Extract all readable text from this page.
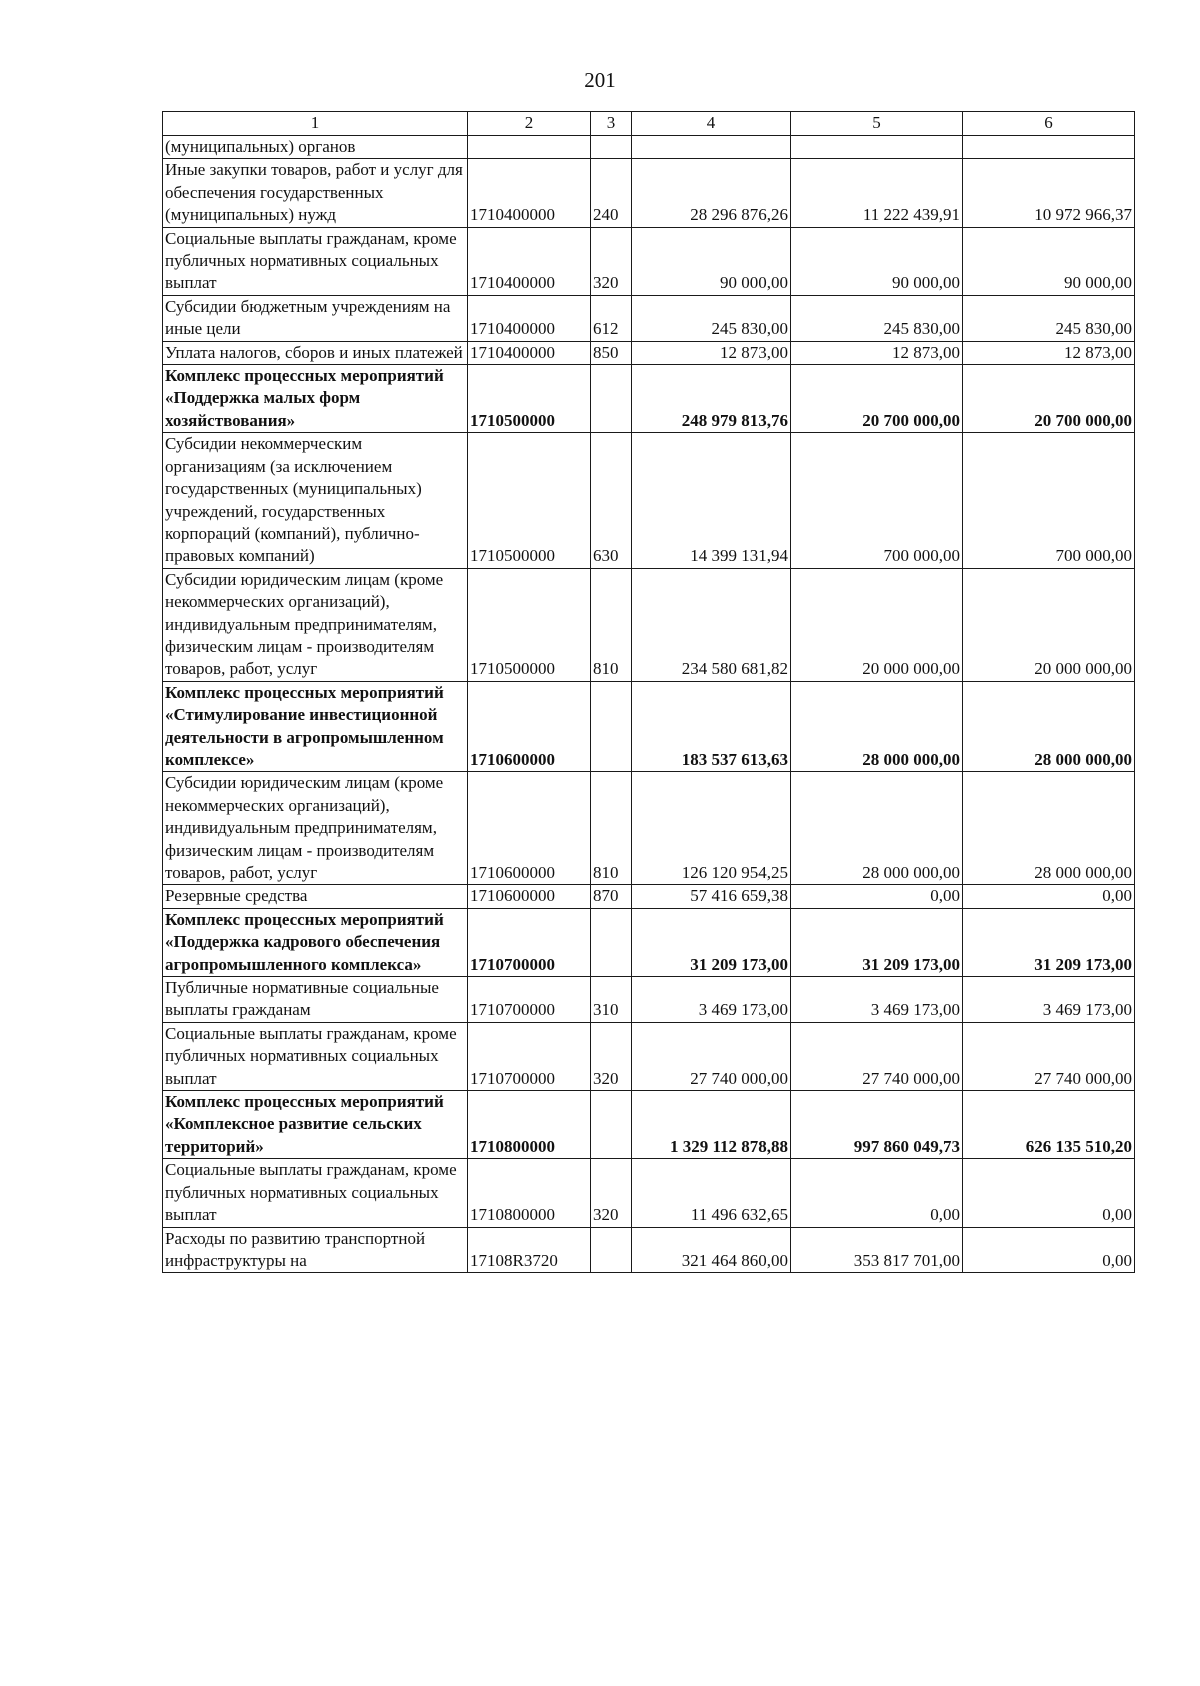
201
1	2	3	4	5	6
(муниципальных) органов					
Иные закупки товаров, работ и услуг для обеспечения государственных (муниципальных) нужд	1710400000	240	28 296 876,26	11 222 439,91	10 972 966,37
Социальные выплаты гражданам, кроме публичных нормативных социальных выплат	1710400000	320	90 000,00	90 000,00	90 000,00
Субсидии бюджетным учреждениям на иные цели	1710400000	612	245 830,00	245 830,00	245 830,00
Уплата налогов, сборов и иных платежей	1710400000	850	12 873,00	12 873,00	12 873,00
Комплекс процессных мероприятий «Поддержка малых форм хозяйствования»	1710500000		248 979 813,76	20 700 000,00	20 700 000,00
Субсидии некоммерческим организациям (за исключением государственных (муниципальных) учреждений, государственных корпораций (компаний), публично-правовых компаний)	1710500000	630	14 399 131,94	700 000,00	700 000,00
Субсидии юридическим лицам (кроме некоммерческих организаций), индивидуальным предпринимателям, физическим лицам - производителям товаров, работ, услуг	1710500000	810	234 580 681,82	20 000 000,00	20 000 000,00
Комплекс процессных мероприятий «Стимулирование инвестиционной деятельности в агропромышленном комплексе»	1710600000		183 537 613,63	28 000 000,00	28 000 000,00
Субсидии юридическим лицам (кроме некоммерческих организаций), индивидуальным предпринимателям, физическим лицам - производителям товаров, работ, услуг	1710600000	810	126 120 954,25	28 000 000,00	28 000 000,00
Резервные средства	1710600000	870	57 416 659,38	0,00	0,00
Комплекс процессных мероприятий «Поддержка кадрового обеспечения агропромышленного комплекса»	1710700000		31 209 173,00	31 209 173,00	31 209 173,00
Публичные нормативные социальные выплаты гражданам	1710700000	310	3 469 173,00	3 469 173,00	3 469 173,00
Социальные выплаты гражданам, кроме публичных нормативных социальных выплат	1710700000	320	27 740 000,00	27 740 000,00	27 740 000,00
Комплекс процессных мероприятий «Комплексное развитие сельских территорий»	1710800000		1 329 112 878,88	997 860 049,73	626 135 510,20
Социальные выплаты гражданам, кроме публичных нормативных социальных выплат	1710800000	320	11 496 632,65	0,00	0,00
Расходы по развитию транспортной инфраструктуры на	17108R3720		321 464 860,00	353 817 701,00	0,00
